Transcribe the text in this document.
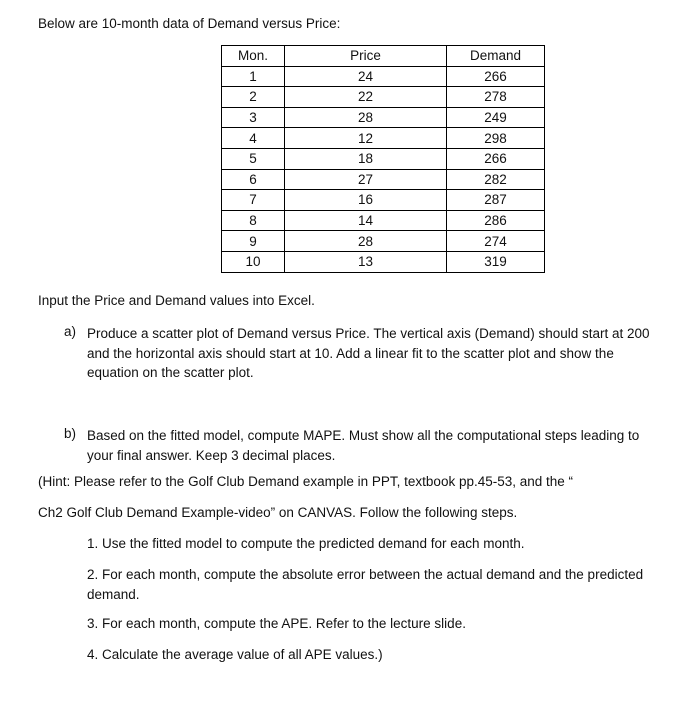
Below are 10-month data of Demand versus Price:
Mon.	Price	Demand
1	24	266
2	22	278
3	28	249
4	12	298
5	18	266
6	27	282
7	16	287
8	14	286
9	28	274
10	13	319
Input the Price and Demand values into Excel.
a) Produce a scatter plot of Demand versus Price. The vertical axis (Demand) should start at 200 and the horizontal axis should start at 10. Add a linear fit to the scatter plot and show the equation on the scatter plot.
b) Based on the fitted model, compute MAPE. Must show all the computational steps leading to your final answer. Keep 3 decimal places.
(Hint: Please refer to the Golf Club Demand example in PPT, textbook pp.45-53, and the “
Ch2 Golf Club Demand Example-video” on CANVAS. Follow the following steps.
1. Use the fitted model to compute the predicted demand for each month.
2. For each month, compute the absolute error between the actual demand and the predicted demand.
3. For each month, compute the APE. Refer to the lecture slide.
4. Calculate the average value of all APE values.)
